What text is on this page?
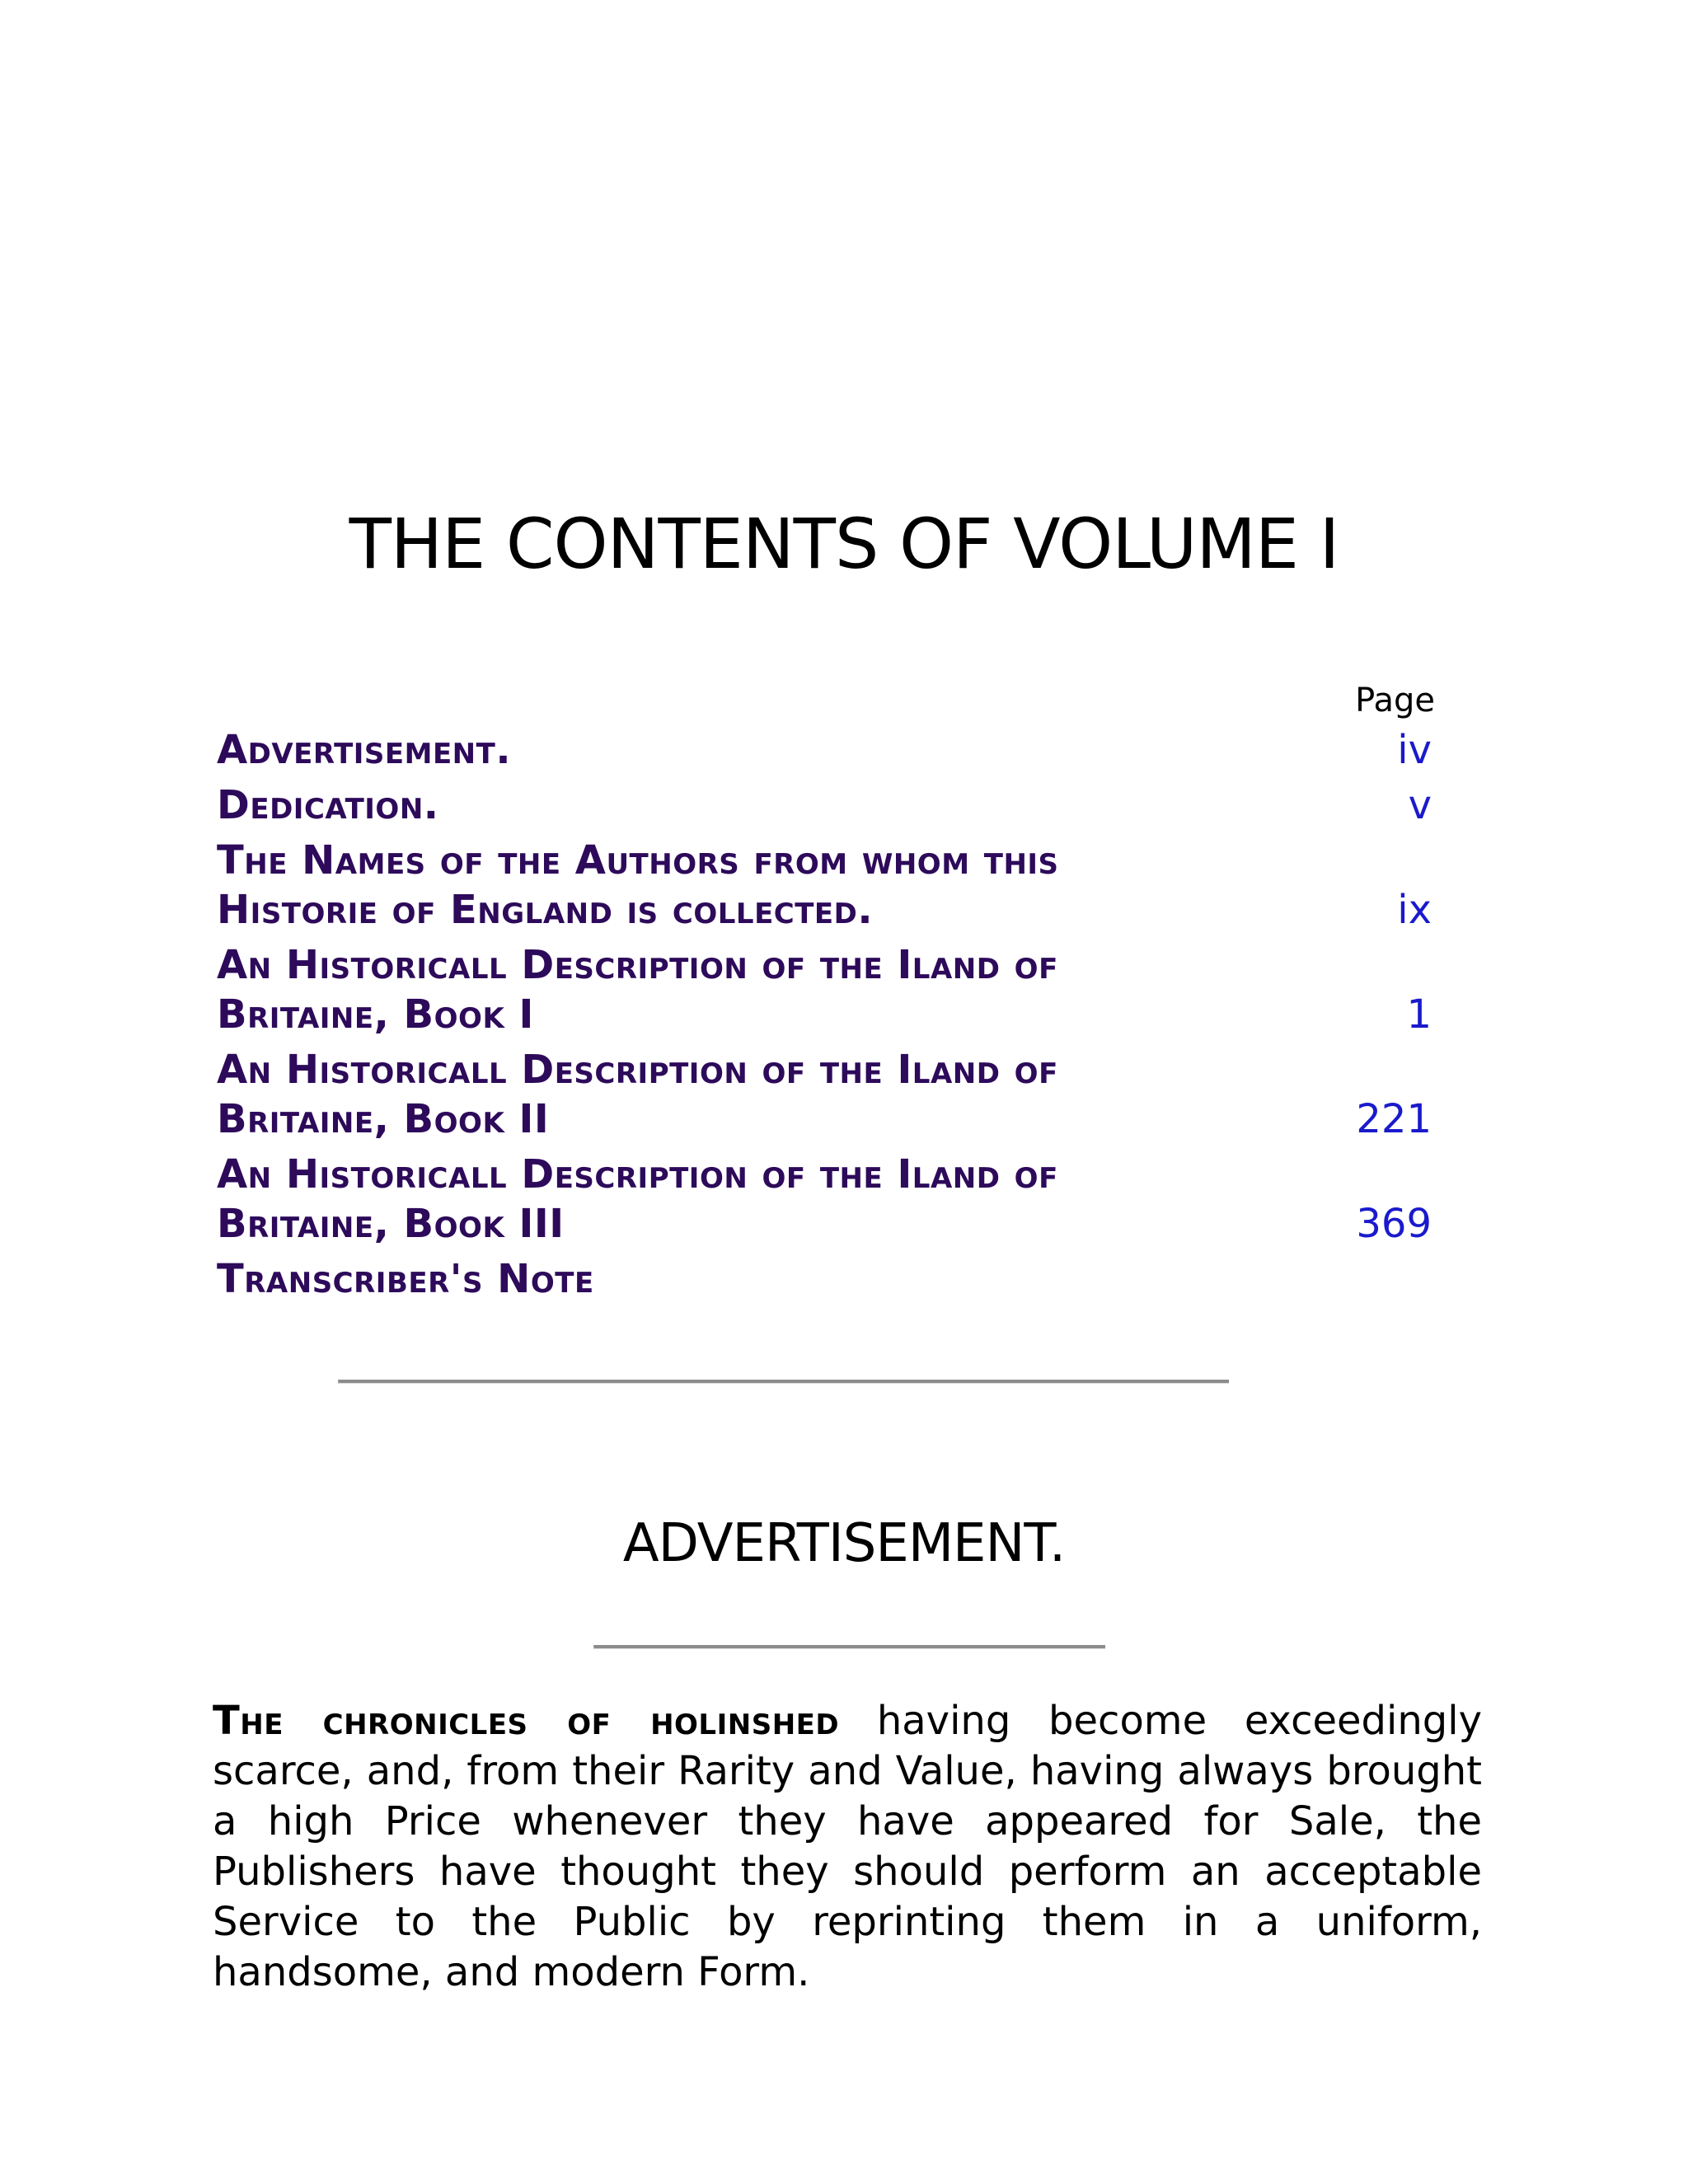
THE CONTENTS OF VOLUME I
Page
Advertisement.	iv
Dedication.	v
The Names of the Authors from whom this Historie of England is collected.	ix
An Historicall Description of the Iland of Britaine, Book I	1
An Historicall Description of the Iland of Britaine, Book II	221
An Historicall Description of the Iland of Britaine, Book III	369
Transcriber's Note
ADVERTISEMENT.

The chronicles of holinshed having become exceedingly scarce, and, from their Rarity and Value, having always brought a high Price whenever they have appeared for Sale, the Publishers have thought they should perform an acceptable Service to the Public by reprinting them in a uniform, handsome, and modern Form.
